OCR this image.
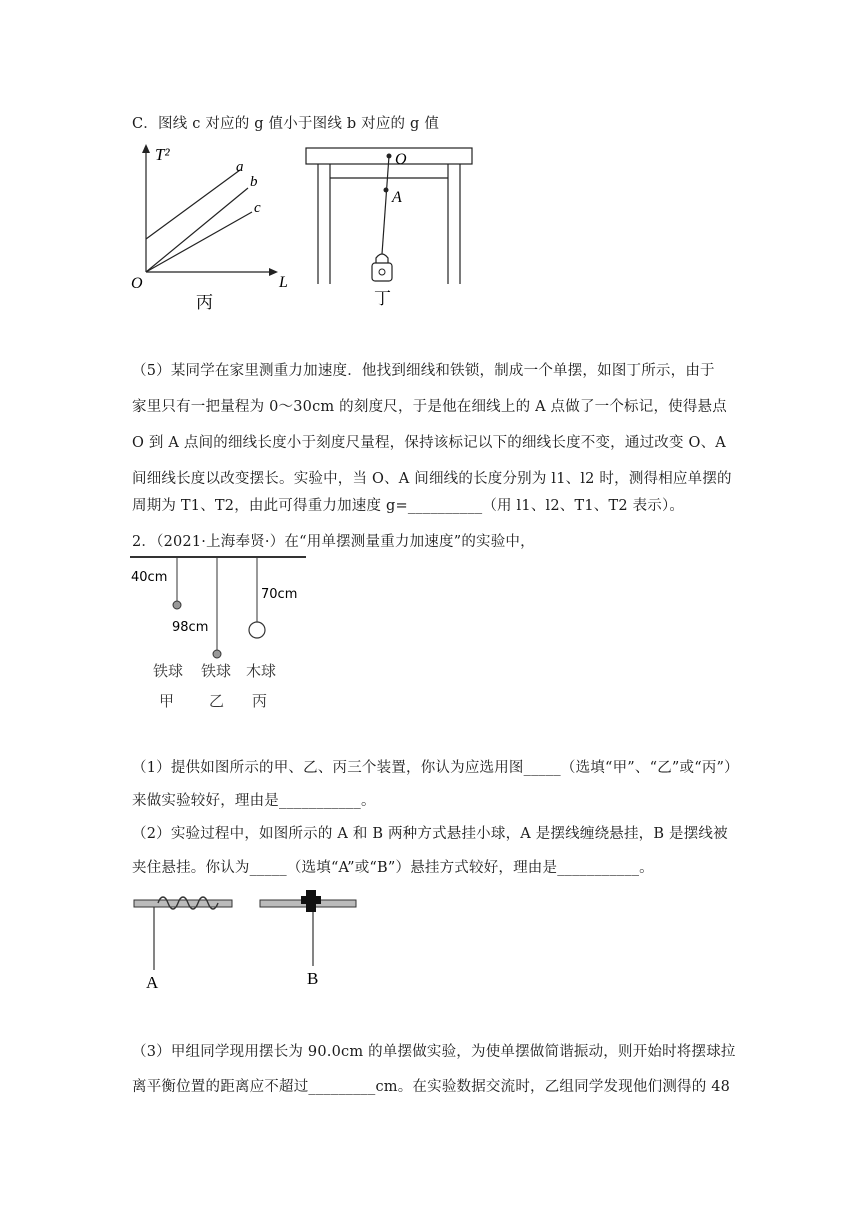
C．图线 c 对应的 g 值小于图线 b 对应的 g 值
T²
a
b
c
O	L
丙
O
A
丁
（5）某同学在家里测重力加速度．他找到细线和铁锁，制成一个单摆，如图丁所示，由于
家里只有一把量程为 0～30cm 的刻度尺，于是他在细线上的 A 点做了一个标记，使得悬点
O 到 A 点间的细线长度小于刻度尺量程，保持该标记以下的细线长度不变，通过改变 O、A
间细线长度以改变摆长。实验中，当 O、A 间细线的长度分别为 l1、l2 时，测得相应单摆的
周期为 T1、T2，由此可得重力加速度 g=__________（用 l1、l2、T1、T2 表示）。
2．（2021·上海奉贤·）在“用单摆测量重力加速度”的实验中，
40cm
98cm
70cm
铁球 铁球 木球
甲 乙 丙
（1）提供如图所示的甲、乙、丙三个装置，你认为应选用图_____（选填“甲”、“乙”或“丙”）
来做实验较好，理由是___________。
（2）实验过程中，如图所示的 A 和 B 两种方式悬挂小球，A 是摆线缠绕悬挂，B 是摆线被
夹住悬挂。你认为_____（选填“A”或“B”）悬挂方式较好，理由是___________。
A	B
（3）甲组同学现用摆长为 90.0cm 的单摆做实验，为使单摆做简谐振动，则开始时将摆球拉
离平衡位置的距离应不超过_________cm。在实验数据交流时，乙组同学发现他们测得的 48
